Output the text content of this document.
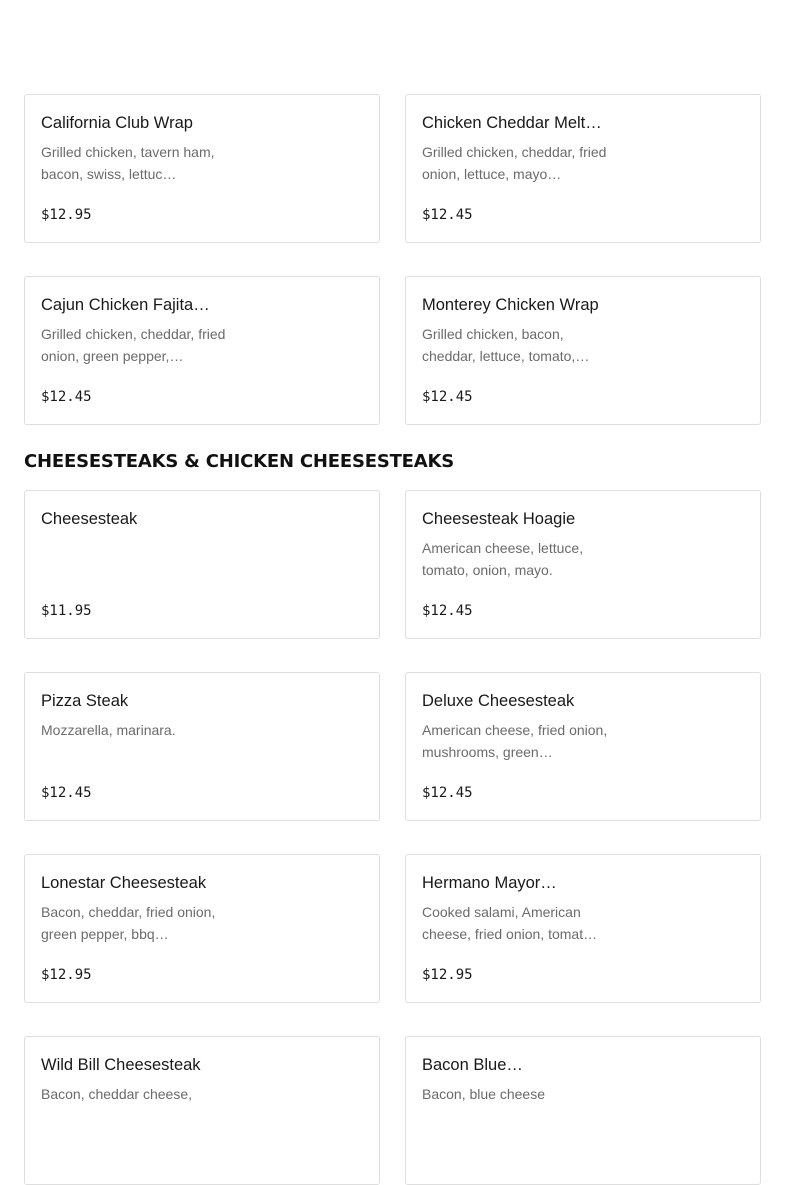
California Club Wrap
Grilled chicken, tavern ham, bacon, swiss, lettuc…
$12.95
Chicken Cheddar Melt…
Grilled chicken, cheddar, fried onion, lettuce, mayo…
$12.45
Cajun Chicken Fajita…
Grilled chicken, cheddar, fried onion, green pepper,…
$12.45
Monterey Chicken Wrap
Grilled chicken, bacon, cheddar, lettuce, tomato,…
$12.45
CHEESESTEAKS & CHICKEN CHEESESTEAKS
Cheesesteak
$11.95
Cheesesteak Hoagie
American cheese, lettuce, tomato, onion, mayo.
$12.45
Pizza Steak
Mozzarella, marinara.
$12.45
Deluxe Cheesesteak
American cheese, fried onion, mushrooms, green…
$12.45
Lonestar Cheesesteak
Bacon, cheddar, fried onion, green pepper, bbq…
$12.95
Hermano Mayor…
Cooked salami, American cheese, fried onion, tomat…
$12.95
Wild Bill Cheesesteak
Bacon, cheddar cheese,
Bacon Blue…
Bacon, blue cheese
